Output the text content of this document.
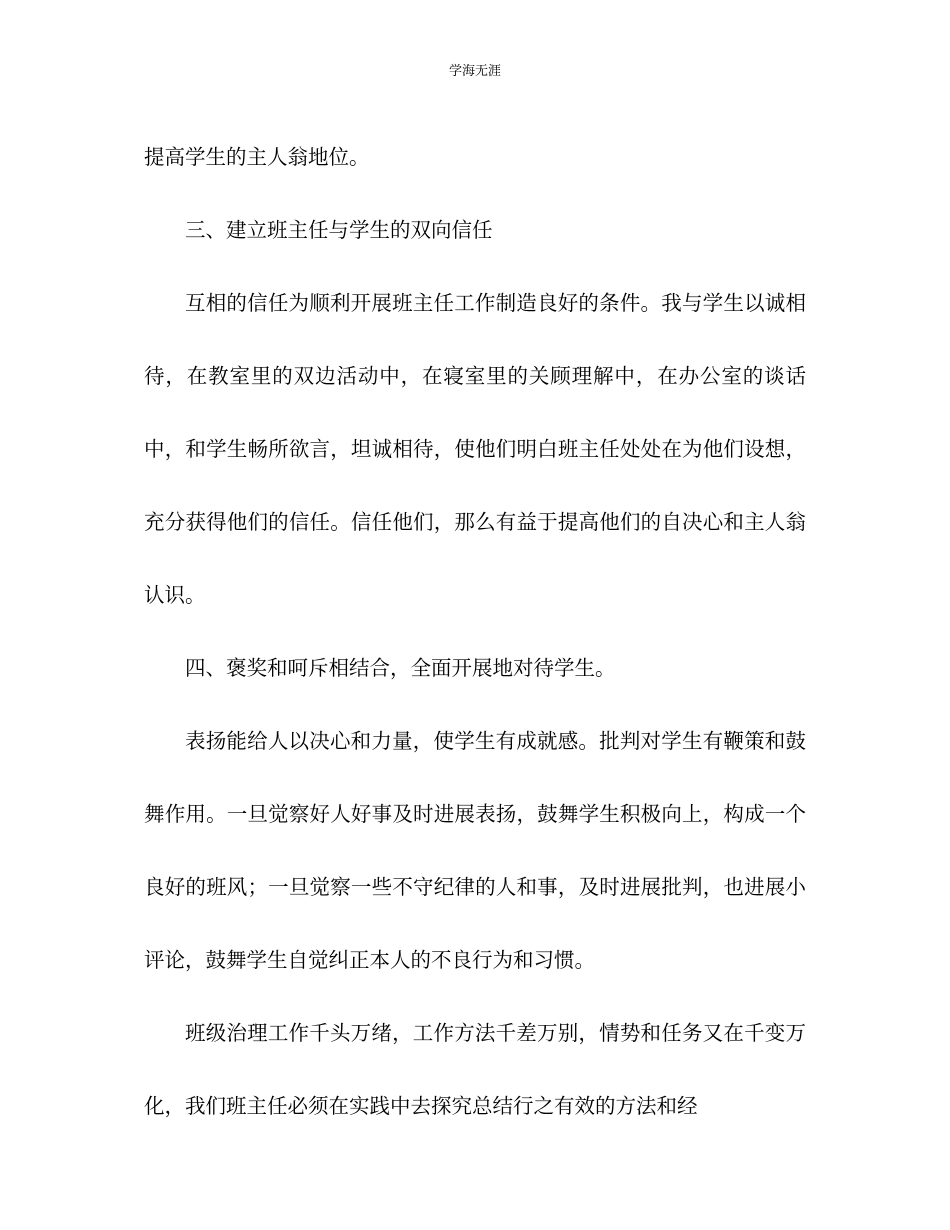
学海无涯

提高学生的主人翁地位。

三、建立班主任与学生的双向信任

互相的信任为顺利开展班主任工作制造良好的条件。我与学生以诚相待，在教室里的双边活动中，在寝室里的关顾理解中，在办公室的谈话中，和学生畅所欲言，坦诚相待，使他们明白班主任处处在为他们设想，充分获得他们的信任。信任他们，那么有益于提高他们的自决心和主人翁认识。

四、褒奖和呵斥相结合，全面开展地对待学生。

表扬能给人以决心和力量，使学生有成就感。批判对学生有鞭策和鼓舞作用。一旦觉察好人好事及时进展表扬，鼓舞学生积极向上，构成一个良好的班风；一旦觉察一些不守纪律的人和事，及时进展批判，也进展小评论，鼓舞学生自觉纠正本人的不良行为和习惯。

班级治理工作千头万绪，工作方法千差万别，情势和任务又在千变万化，我们班主任必须在实践中去探究总结行之有效的方法和经
